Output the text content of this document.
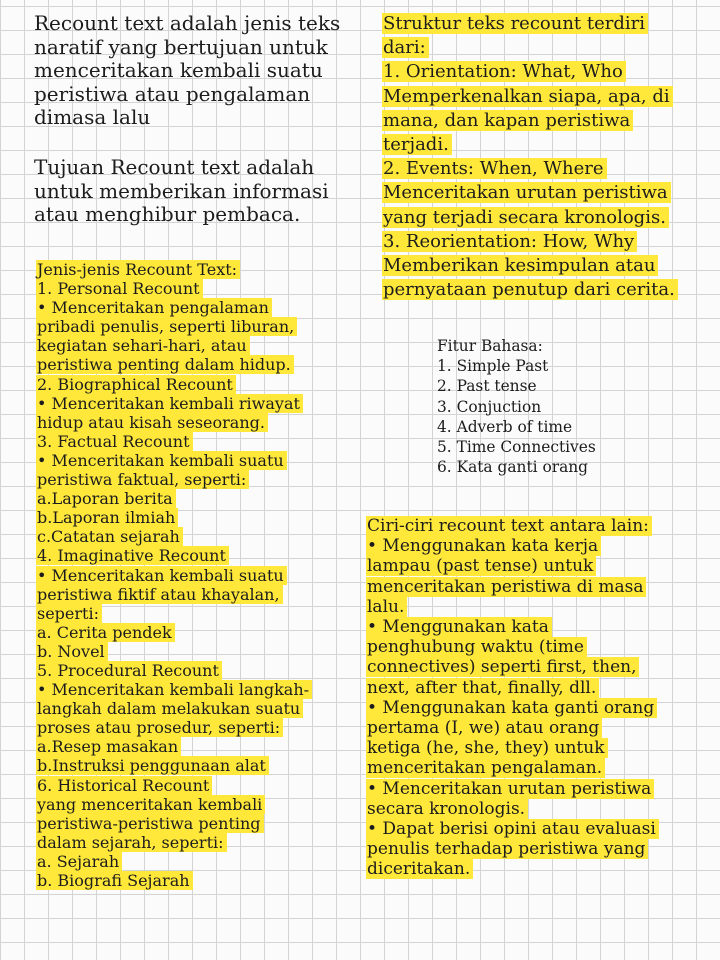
Recount text adalah jenis teks
naratif yang bertujuan untuk
menceritakan kembali suatu
peristiwa atau pengalaman
dimasa lalu
Tujuan Recount text adalah
untuk memberikan informasi
atau menghibur pembaca.
Struktur teks recount terdiri
dari:
1. Orientation: What, Who
Memperkenalkan siapa, apa, di
mana, dan kapan peristiwa
terjadi.
2. Events: When, Where
Menceritakan urutan peristiwa
yang terjadi secara kronologis.
3. Reorientation: How, Why
Memberikan kesimpulan atau
pernyataan penutup dari cerita.
Jenis-jenis Recount Text:
1. Personal Recount
• Menceritakan pengalaman
pribadi penulis, seperti liburan,
kegiatan sehari-hari, atau
peristiwa penting dalam hidup.
2. Biographical Recount
• Menceritakan kembali riwayat
hidup atau kisah seseorang.
3. Factual Recount
• Menceritakan kembali suatu
peristiwa faktual, seperti:
a.Laporan berita
b.Laporan ilmiah
c.Catatan sejarah
4. Imaginative Recount
• Menceritakan kembali suatu
peristiwa fiktif atau khayalan,
seperti:
a. Cerita pendek
b. Novel
5. Procedural Recount
• Menceritakan kembali langkah-
langkah dalam melakukan suatu
proses atau prosedur, seperti:
a.Resep masakan
b.Instruksi penggunaan alat
6. Historical Recount
yang menceritakan kembali
peristiwa-peristiwa penting
dalam sejarah, seperti:
a. Sejarah
b. Biografi Sejarah
Fitur Bahasa:
1. Simple Past
2. Past tense
3. Conjuction
4. Adverb of time
5. Time Connectives
6. Kata ganti orang
Ciri-ciri recount text antara lain:
• Menggunakan kata kerja
lampau (past tense) untuk
menceritakan peristiwa di masa
lalu.
• Menggunakan kata
penghubung waktu (time
connectives) seperti first, then,
next, after that, finally, dll.
• Menggunakan kata ganti orang
pertama (I, we) atau orang
ketiga (he, she, they) untuk
menceritakan pengalaman.
• Menceritakan urutan peristiwa
secara kronologis.
• Dapat berisi opini atau evaluasi
penulis terhadap peristiwa yang
diceritakan.
